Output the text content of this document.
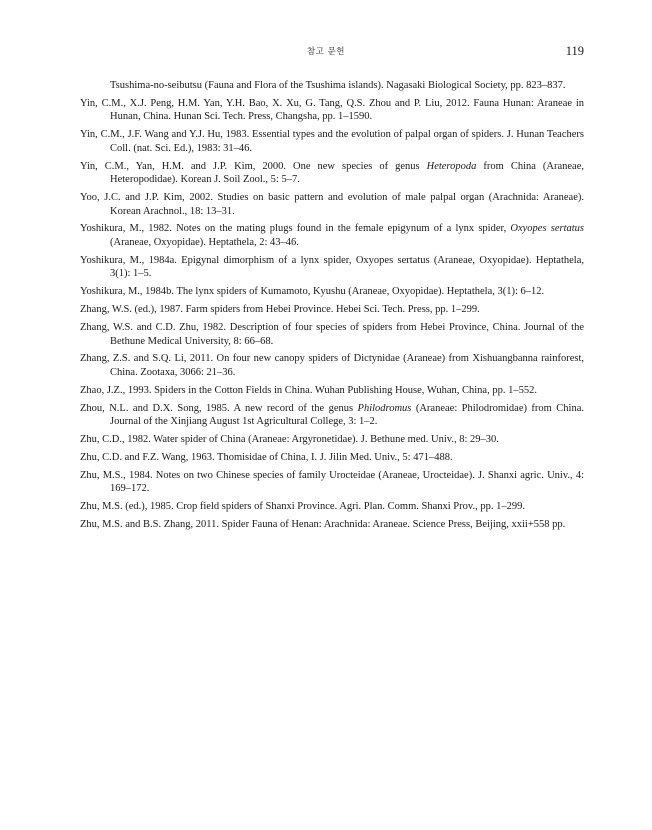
참고 문헌	119

Tsushima-no-seibutsu (Fauna and Flora of the Tsushima islands). Nagasaki Biological Society, pp. 823–837.

Yin, C.M., X.J. Peng, H.M. Yan, Y.H. Bao, X. Xu, G. Tang, Q.S. Zhou and P. Liu, 2012. Fauna Hunan: Araneae in Hunan, China. Hunan Sci. Tech. Press, Changsha, pp. 1–1590.

Yin, C.M., J.F. Wang and Y.J. Hu, 1983. Essential types and the evolution of palpal organ of spiders. J. Hunan Teachers Coll. (nat. Sci. Ed.), 1983: 31–46.

Yin, C.M., Yan, H.M. and J.P. Kim, 2000. One new species of genus Heteropoda from China (Araneae, Heteropodidae). Korean J. Soil Zool., 5: 5–7.

Yoo, J.C. and J.P. Kim, 2002. Studies on basic pattern and evolution of male palpal organ (Arachnida: Araneae). Korean Arachnol., 18: 13–31.

Yoshikura, M., 1982. Notes on the mating plugs found in the female epigynum of a lynx spider, Oxyopes sertatus (Araneae, Oxyopidae). Heptathela, 2: 43–46.

Yoshikura, M., 1984a. Epigynal dimorphism of a lynx spider, Oxyopes sertatus (Araneae, Oxyopidae). Heptathela, 3(1): 1–5.

Yoshikura, M., 1984b. The lynx spiders of Kumamoto, Kyushu (Araneae, Oxyopidae). Heptathela, 3(1): 6–12.

Zhang, W.S. (ed.), 1987. Farm spiders from Hebei Province. Hebei Sci. Tech. Press, pp. 1–299.

Zhang, W.S. and C.D. Zhu, 1982. Description of four species of spiders from Hebei Province, China. Journal of the Bethune Medical University, 8: 66–68.

Zhang, Z.S. and S.Q. Li, 2011. On four new canopy spiders of Dictynidae (Araneae) from Xishuangbanna rainforest, China. Zootaxa, 3066: 21–36.

Zhao, J.Z., 1993. Spiders in the Cotton Fields in China. Wuhan Publishing House, Wuhan, China, pp. 1–552.

Zhou, N.L. and D.X. Song, 1985. A new record of the genus Philodromus (Araneae: Philodromidae) from China. Journal of the Xinjiang August 1st Agricultural College, 3: 1–2.

Zhu, C.D., 1982. Water spider of China (Araneae: Argyronetidae). J. Bethune med. Univ., 8: 29–30.

Zhu, C.D. and F.Z. Wang, 1963. Thomisidae of China, I. J. Jilin Med. Univ., 5: 471–488.

Zhu, M.S., 1984. Notes on two Chinese species of family Urocteidae (Araneae, Urocteidae). J. Shanxi agric. Univ., 4: 169–172.

Zhu, M.S. (ed.), 1985. Crop field spiders of Shanxi Province. Agri. Plan. Comm. Shanxi Prov., pp. 1–299.

Zhu, M.S. and B.S. Zhang, 2011. Spider Fauna of Henan: Arachnida: Araneae. Science Press, Beijing, xxii+558 pp.
